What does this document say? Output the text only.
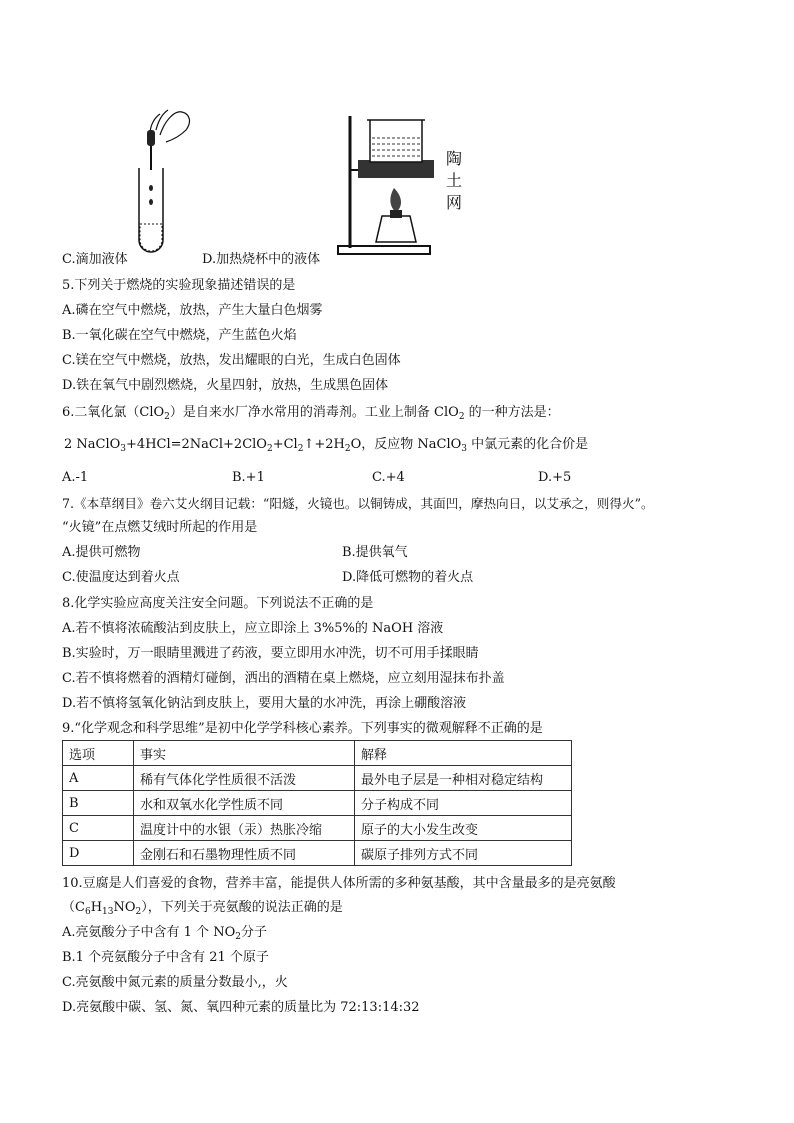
C.滴加液体
陶
土
网
D.加热烧杯中的液体
5.下列关于燃烧的实验现象描述错误的是
A.磷在空气中燃烧，放热，产生大量白色烟雾
B.一氧化碳在空气中燃烧，产生蓝色火焰
C.镁在空气中燃烧，放热，发出耀眼的白光，生成白色固体
D.铁在氧气中剧烈燃烧，火星四射，放热，生成黑色固体
6.二氧化氯（ClO$_2$）是自来水厂净水常用的消毒剂。工业上制备 ClO$_2$ 的一种方法是：
2 $NaClO_3+4HCl=2NaCl+2ClO_2+Cl_2↑+2H_2O$，反应物 NaClO$_3$ 中氯元素的化合价是
A.-1	B.+1	C.+4	D.+5
7.《本草纲目》卷六艾火纲目记载：“阳燧，火镜也。以铜铸成，其面凹，摩热向日，以艾承之，则得火”。
“火镜”在点燃艾绒时所起的作用是
A.提供可燃物	B.提供氧气
C.使温度达到着火点	D.降低可燃物的着火点
8.化学实验应高度关注安全问题。下列说法不正确的是
A.若不慎将浓硫酸沾到皮肤上，应立即涂上 3%5%的 NaOH 溶液
B.实验时，万一眼睛里溅进了药液，要立即用水冲洗，切不可用手揉眼睛
C.若不慎将燃着的酒精灯碰倒，洒出的酒精在桌上燃烧，应立刻用湿抹布扑盖
D.若不慎将氢氧化钠沾到皮肤上，要用大量的水冲洗，再涂上硼酸溶液
9.“化学观念和科学思维”是初中化学学科核心素养。下列事实的微观解释不正确的是
选项	事实	解释
A	稀有气体化学性质很不活泼	最外电子层是一种相对稳定结构
B	水和双氧水化学性质不同	分子构成不同
C	温度计中的水银（汞）热胀冷缩	原子的大小发生改变
D	金刚石和石墨物理性质不同	碳原子排列方式不同
10.豆腐是人们喜爱的食物，营养丰富，能提供人体所需的多种氨基酸，其中含量最多的是亮氨酸
$(C_6H_{13}NO_2)$，下列关于亮氨酸的说法正确的是
A.亮氨酸分子中含有 1 个 $NO_2$分子
B.1 个亮氨酸分子中含有 21 个原子
C.亮氨酸中氮元素的质量分数最小,，火
D.亮氨酸中碳、氢、氮、氧四种元素的质量比为 72:13:14:32
